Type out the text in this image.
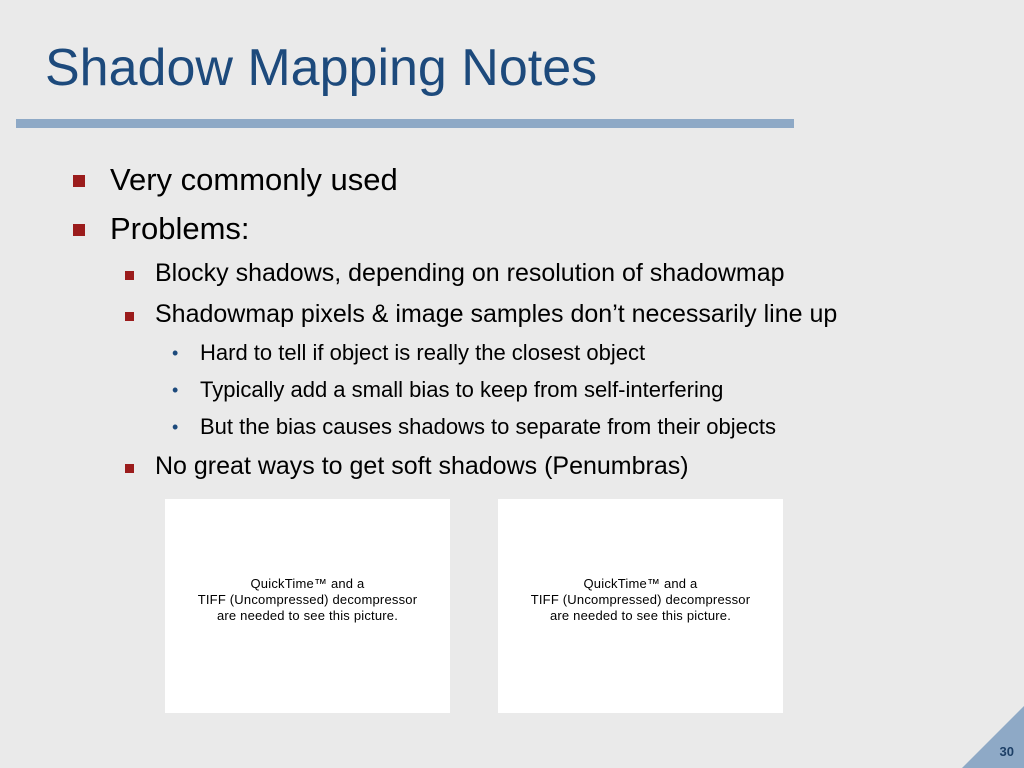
Shadow Mapping Notes
Very commonly used
Problems:
Blocky shadows, depending on resolution of shadowmap
Shadowmap pixels & image samples don’t necessarily line up
• Hard to tell if object is really the closest object
• Typically add a small bias to keep from self-interfering
• But the bias causes shadows to separate from their objects
No great ways to get soft shadows (Penumbras)
QuickTime™ and a
TIFF (Uncompressed) decompressor
are needed to see this picture.
QuickTime™ and a
TIFF (Uncompressed) decompressor
are needed to see this picture.
30
